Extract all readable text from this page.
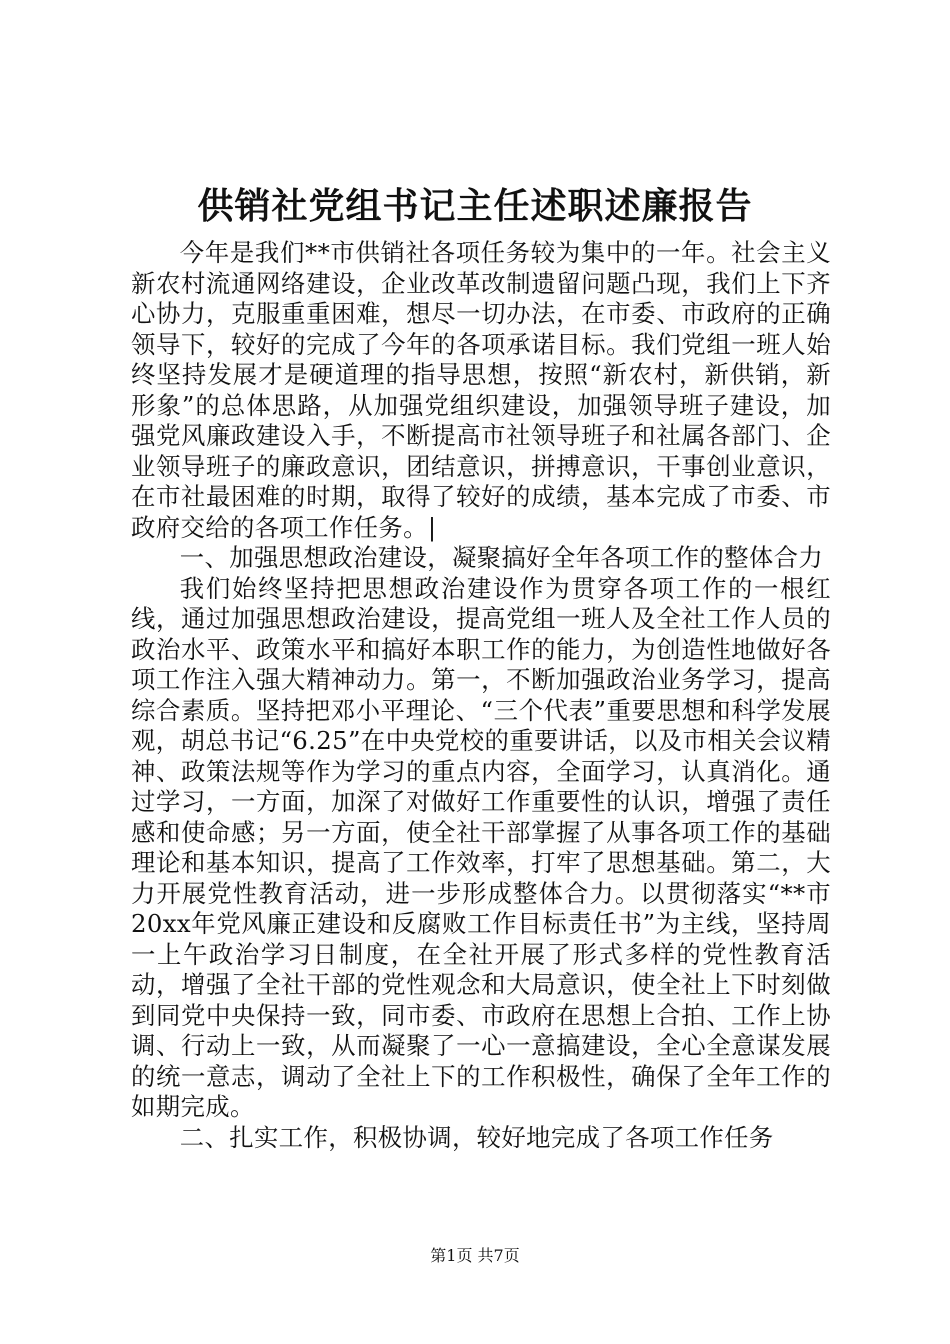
供销社党组书记主任述职述廉报告

今年是我们**市供销社各项任务较为集中的一年。社会主义新农村流通网络建设，企业改革改制遗留问题凸现，我们上下齐心协力，克服重重困难，想尽一切办法，在市委、市政府的正确领导下，较好的完成了今年的各项承诺目标。我们党组一班人始终坚持发展才是硬道理的指导思想，按照“新农村，新供销，新形象”的总体思路，从加强党组织建设，加强领导班子建设，加强党风廉政建设入手，不断提高市社领导班子和社属各部门、企业领导班子的廉政意识，团结意识，拼搏意识，干事创业意识，在市社最困难的时期，取得了较好的成绩，基本完成了市委、市政府交给的各项工作任务。|

一、加强思想政治建设，凝聚搞好全年各项工作的整体合力

我们始终坚持把思想政治建设作为贯穿各项工作的一根红线，通过加强思想政治建设，提高党组一班人及全社工作人员的政治水平、政策水平和搞好本职工作的能力，为创造性地做好各项工作注入强大精神动力。第一，不断加强政治业务学习，提高综合素质。坚持把邓小平理论、“三个代表”重要思想和科学发展观，胡总书记“6.25”在中央党校的重要讲话，以及市相关会议精神、政策法规等作为学习的重点内容，全面学习，认真消化。通过学习，一方面，加深了对做好工作重要性的认识，增强了责任感和使命感；另一方面，使全社干部掌握了从事各项工作的基础理论和基本知识，提高了工作效率，打牢了思想基础。第二，大力开展党性教育活动，进一步形成整体合力。以贯彻落实“**市20xx年党风廉正建设和反腐败工作目标责任书”为主线，坚持周一上午政治学习日制度，在全社开展了形式多样的党性教育活动，增强了全社干部的党性观念和大局意识，使全社上下时刻做到同党中央保持一致，同市委、市政府在思想上合拍、工作上协调、行动上一致，从而凝聚了一心一意搞建设，全心全意谋发展的统一意志，调动了全社上下的工作积极性，确保了全年工作的如期完成。

二、扎实工作，积极协调，较好地完成了各项工作任务

第1页 共7页
